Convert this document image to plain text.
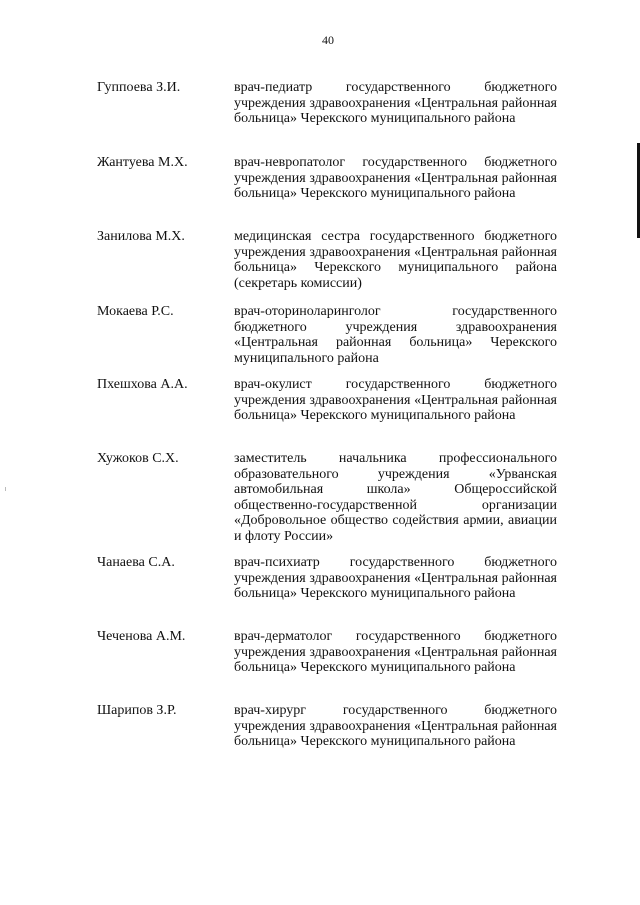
40
Гуппоева З.И.	врач-педиатр государственного бюджетного учреждения здравоохранения «Центральная районная больница» Черекского муниципального района
Жантуева М.Х.	врач-невропатолог государственного бюджетного учреждения здравоохранения «Центральная районная больница» Черекского муниципального района
Занилова М.Х.	медицинская сестра государственного бюджетного учреждения здравоохранения «Центральная районная больница» Черекского муниципального района (секретарь комиссии)
Мокаева Р.С.	врач-оториноларинголог государственного бюджетного учреждения здравоохранения «Центральная районная больница» Черекского муниципального района
Пхешхова А.А.	врач-окулист государственного бюджетного учреждения здравоохранения «Центральная районная больница» Черекского муниципального района
Хужоков С.Х.	заместитель начальника профессионального образовательного учреждения «Урванская автомобильная школа» Общероссийской общественно-государственной организации «Добровольное общество содействия армии, авиации и флоту России»
Чанаева С.А.	врач-психиатр государственного бюджетного учреждения здравоохранения «Центральная районная больница» Черекского муниципального района
Чеченова А.М.	врач-дерматолог государственного бюджетного учреждения здравоохранения «Центральная районная больница» Черекского муниципального района
Шарипов З.Р.	врач-хирург государственного бюджетного учреждения здравоохранения «Центральная районная больница» Черекского муниципального района
